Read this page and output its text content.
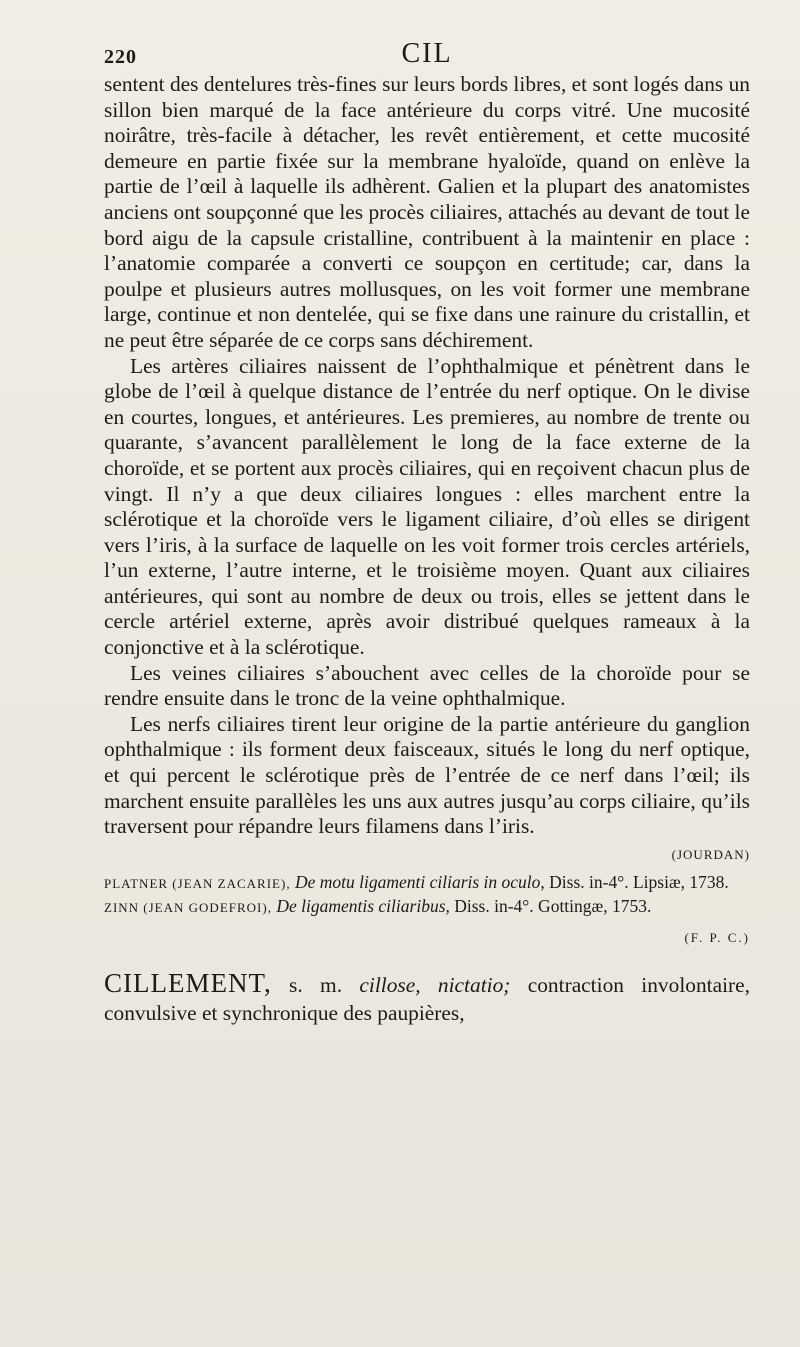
220	CIL

sentent des dentelures très-fines sur leurs bords libres, et sont logés dans un sillon bien marqué de la face antérieure du corps vitré. Une mucosité noirâtre, très-facile à détacher, les revêt entièrement, et cette mucosité demeure en partie fixée sur la membrane hyaloïde, quand on enlève la partie de l’œil à laquelle ils adhèrent. Galien et la plupart des anatomistes anciens ont soupçonné que les procès ciliaires, attachés au devant de tout le bord aigu de la capsule cristalline, contribuent à la maintenir en place : l’anatomie comparée a converti ce soupçon en certitude; car, dans la poulpe et plusieurs autres mollusques, on les voit former une membrane large, continue et non dentelée, qui se fixe dans une rainure du cristallin, et ne peut être séparée de ce corps sans déchirement.

Les artères ciliaires naissent de l’ophthalmique et pénètrent dans le globe de l’œil à quelque distance de l’entrée du nerf optique. On le divise en courtes, longues, et antérieures. Les premieres, au nombre de trente ou quarante, s’avancent parallèlement le long de la face externe de la choroïde, et se portent aux procès ciliaires, qui en reçoivent chacun plus de vingt. Il n’y a que deux ciliaires longues : elles marchent entre la sclérotique et la choroïde vers le ligament ciliaire, d’où elles se dirigent vers l’iris, à la surface de laquelle on les voit former trois cercles artériels, l’un externe, l’autre interne, et le troisième moyen. Quant aux ciliaires antérieures, qui sont au nombre de deux ou trois, elles se jettent dans le cercle artériel externe, après avoir distribué quelques rameaux à la conjonctive et à la sclérotique.

Les veines ciliaires s’abouchent avec celles de la choroïde pour se rendre ensuite dans le tronc de la veine ophthalmique.

Les nerfs ciliaires tirent leur origine de la partie antérieure du ganglion ophthalmique : ils forment deux faisceaux, situés le long du nerf optique, et qui percent le sclérotique près de l’entrée de ce nerf dans l’œil; ils marchent ensuite parallèles les uns aux autres jusqu’au corps ciliaire, qu’ils traversent pour répandre leurs filamens dans l’iris.

(JOURDAN)

PLATNER (JEAN ZACARIE), De motu ligamenti ciliaris in oculo, Diss. in-4°. Lipsiæ, 1738.

ZINN (JEAN GODEFROI), De ligamentis ciliaribus, Diss. in-4°. Gottingæ, 1753.

(F. P. C.)
CILLEMENT, s. m. cillose, nictatio; contraction involontaire, convulsive et synchronique des paupières,
